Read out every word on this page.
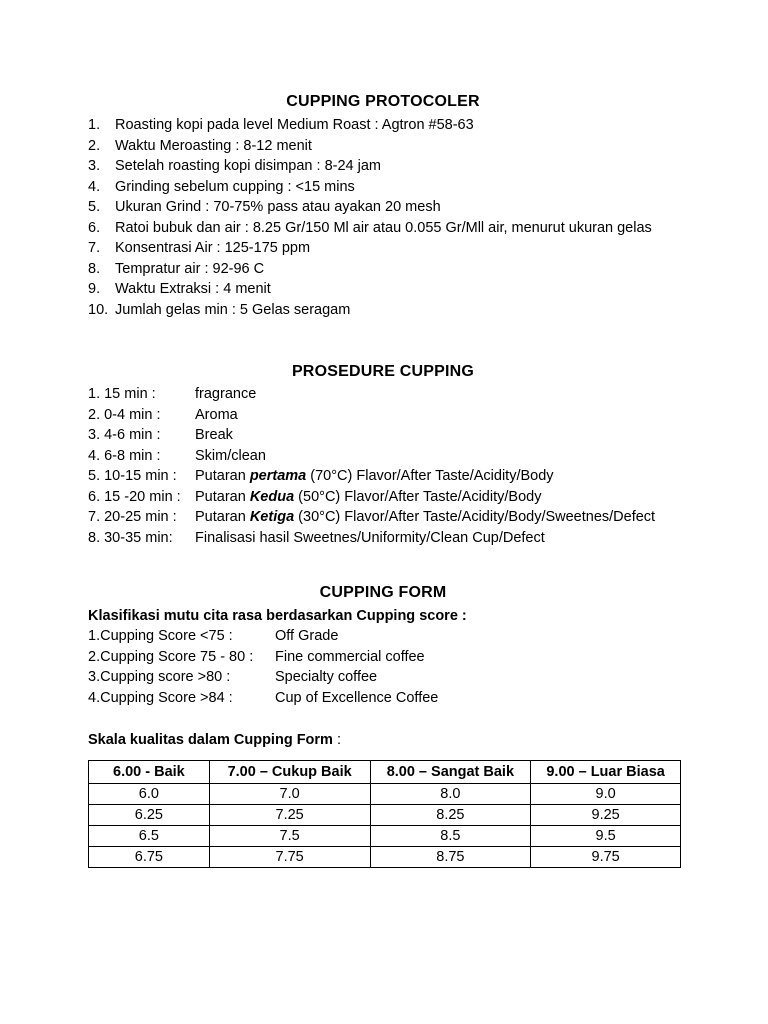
CUPPING PROTOCOLER
1.	Roasting kopi pada level Medium Roast : Agtron #58-63
2.	Waktu Meroasting : 8-12 menit
3.	Setelah roasting kopi disimpan : 8-24 jam
4.	Grinding sebelum cupping : <15 mins
5.	Ukuran Grind : 70-75% pass atau ayakan 20 mesh
6.	Ratoi bubuk dan air : 8.25 Gr/150 Ml air atau 0.055 Gr/Mll air, menurut ukuran gelas
7.	Konsentrasi Air : 125-175 ppm
8.	Tempratur air : 92-96 C
9.	Waktu Extraksi : 4 menit
10. Jumlah gelas min : 5 Gelas seragam
PROSEDURE CUPPING
1. 15 min :	fragrance
2. 0-4 min :	Aroma
3. 4-6 min :	Break
4. 6-8 min :	Skim/clean
5. 10-15 min :	Putaran pertama (70°C) Flavor/After Taste/Acidity/Body
6. 15 -20 min : Putaran Kedua (50°C) Flavor/After Taste/Acidity/Body
7. 20-25 min :	Putaran Ketiga (30°C) Flavor/After Taste/Acidity/Body/Sweetnes/Defect
8. 30-35 min:	Finalisasi hasil Sweetnes/Uniformity/Clean Cup/Defect
CUPPING FORM
Klasifikasi mutu cita rasa berdasarkan Cupping score :
1.Cupping Score <75 :	Off Grade
2.Cupping Score 75 - 80 :	Fine commercial coffee
3.Cupping score >80 :	Specialty coffee
4.Cupping Score >84 :	Cup of Excellence Coffee
Skala kualitas dalam Cupping Form :
6.00 - Baik	7.00 – Cukup Baik	8.00 – Sangat Baik	9.00 – Luar Biasa
6.0	7.0	8.0	9.0
6.25	7.25	8.25	9.25
6.5	7.5	8.5	9.5
6.75	7.75	8.75	9.75
